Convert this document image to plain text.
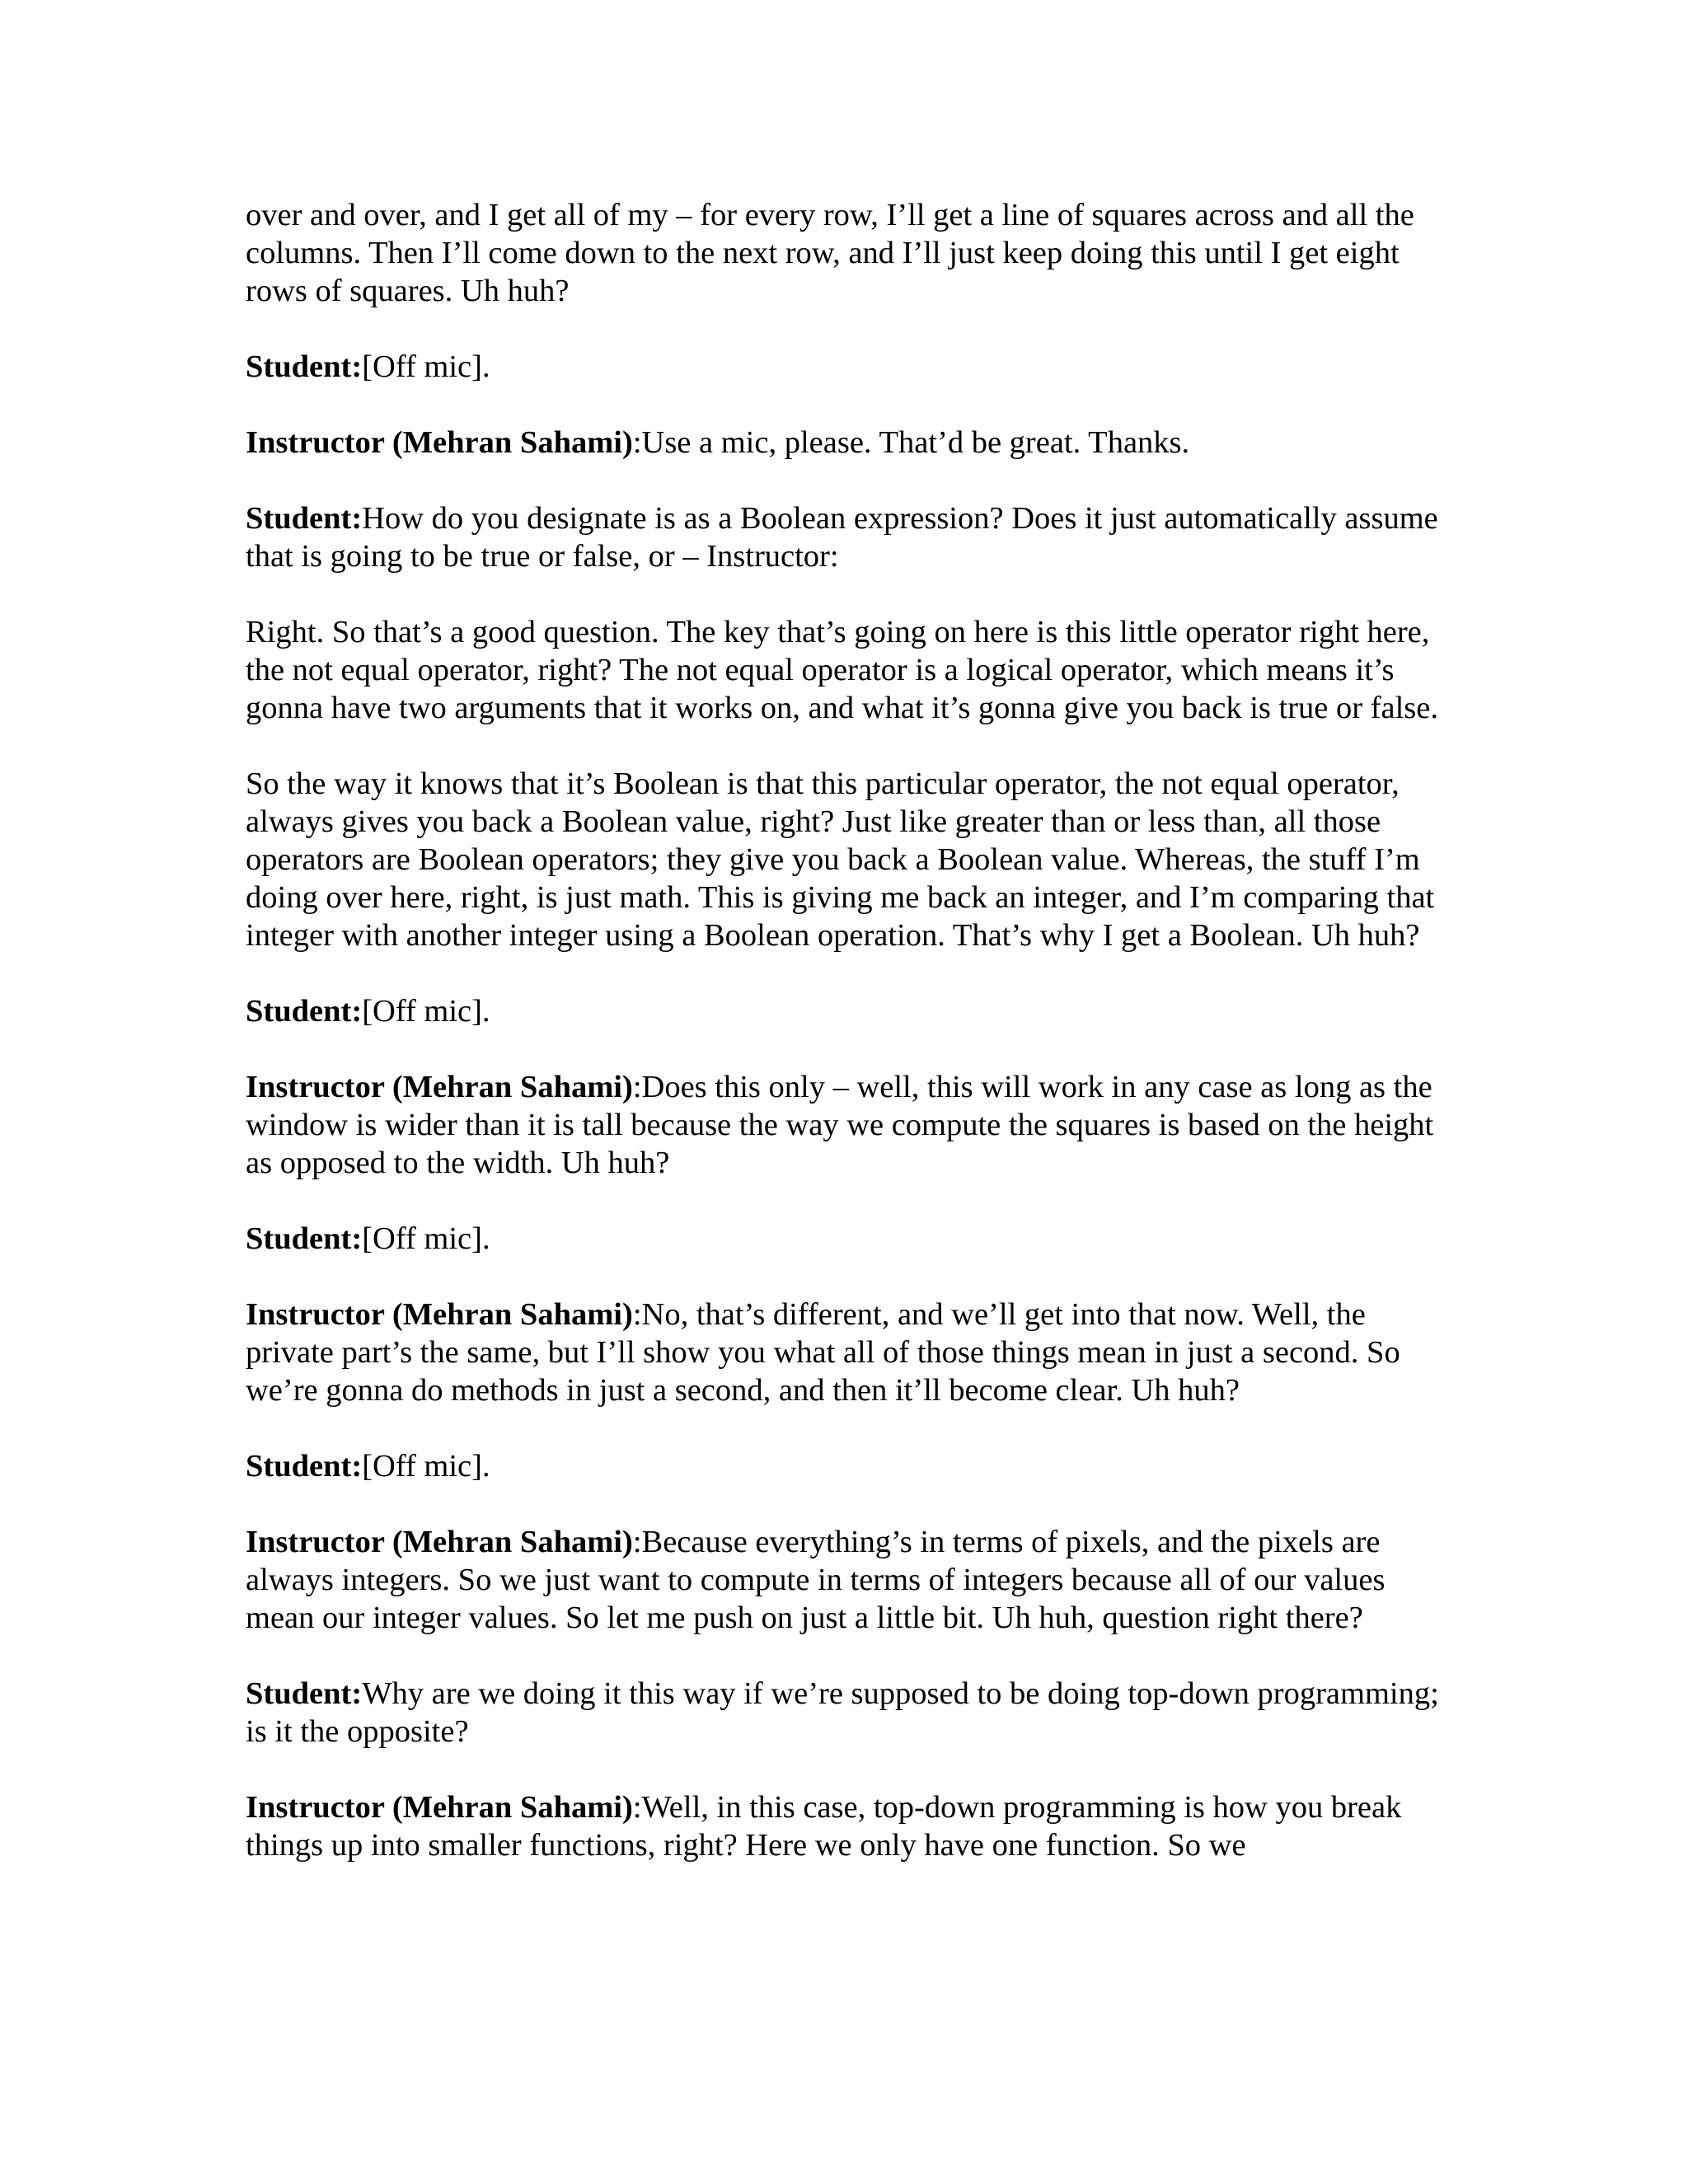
over and over, and I get all of my – for every row, I’ll get a line of squares across and all the columns. Then I’ll come down to the next row, and I’ll just keep doing this until I get eight rows of squares. Uh huh?

Student:[Off mic].

Instructor (Mehran Sahami):Use a mic, please. That’d be great. Thanks.

Student:How do you designate is as a Boolean expression? Does it just automatically assume that is going to be true or false, or – Instructor:

Right. So that’s a good question. The key that’s going on here is this little operator right here, the not equal operator, right? The not equal operator is a logical operator, which means it’s gonna have two arguments that it works on, and what it’s gonna give you back is true or false.

So the way it knows that it’s Boolean is that this particular operator, the not equal operator, always gives you back a Boolean value, right? Just like greater than or less than, all those operators are Boolean operators; they give you back a Boolean value. Whereas, the stuff I’m doing over here, right, is just math. This is giving me back an integer, and I’m comparing that integer with another integer using a Boolean operation. That’s why I get a Boolean. Uh huh?

Student:[Off mic].

Instructor (Mehran Sahami):Does this only – well, this will work in any case as long as the window is wider than it is tall because the way we compute the squares is based on the height as opposed to the width. Uh huh?

Student:[Off mic].

Instructor (Mehran Sahami):No, that’s different, and we’ll get into that now. Well, the private part’s the same, but I’ll show you what all of those things mean in just a second. So we’re gonna do methods in just a second, and then it’ll become clear. Uh huh?

Student:[Off mic].

Instructor (Mehran Sahami):Because everything’s in terms of pixels, and the pixels are always integers. So we just want to compute in terms of integers because all of our values mean our integer values. So let me push on just a little bit. Uh huh, question right there?

Student:Why are we doing it this way if we’re supposed to be doing top-down programming; is it the opposite?

Instructor (Mehran Sahami):Well, in this case, top-down programming is how you break things up into smaller functions, right? Here we only have one function. So we
